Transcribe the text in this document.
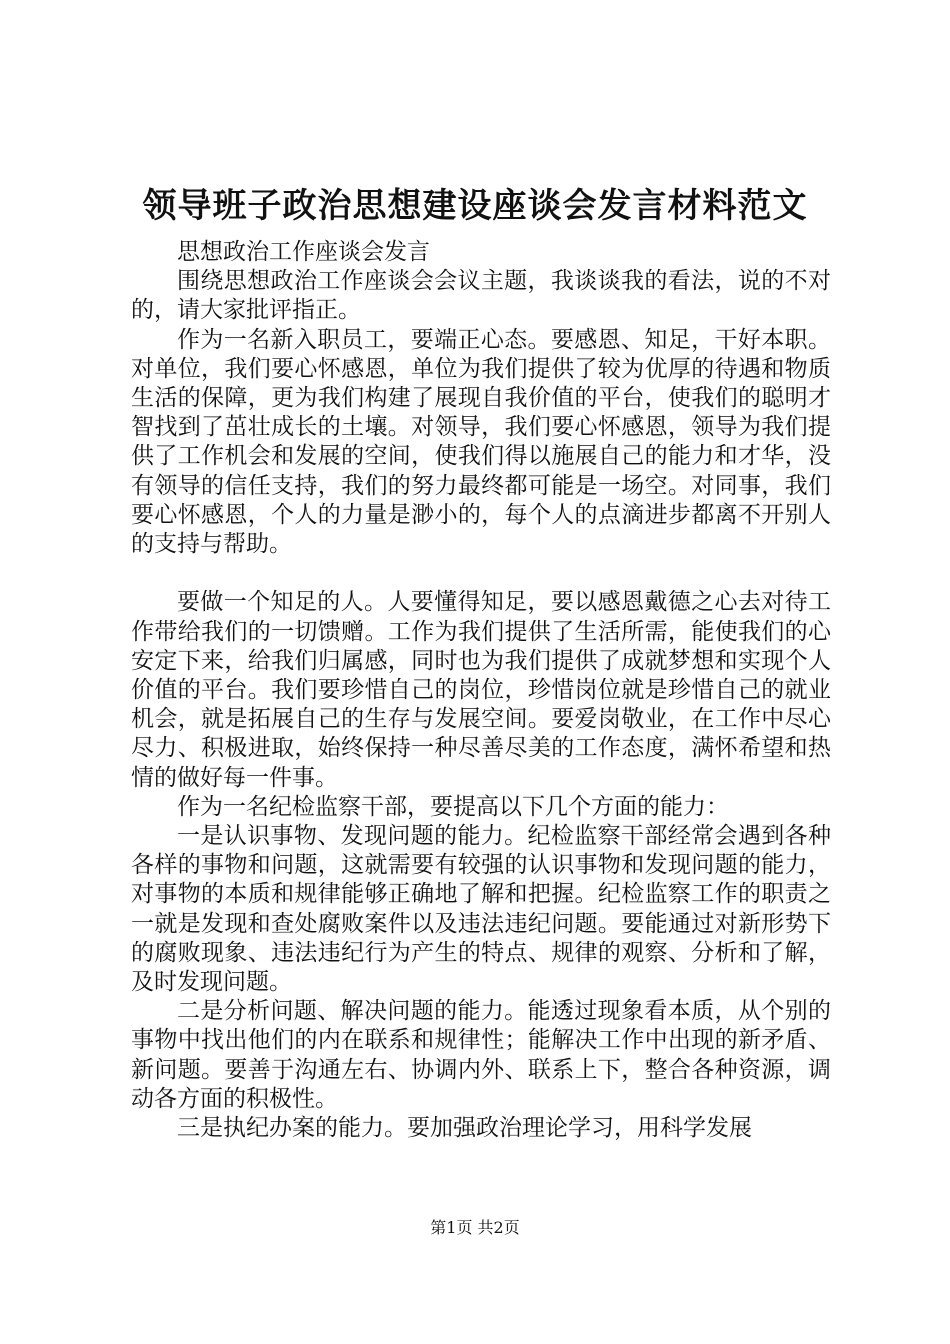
领导班子政治思想建设座谈会发言材料范文

思想政治工作座谈会发言

围绕思想政治工作座谈会会议主题，我谈谈我的看法，说的不对的，请大家批评指正。

作为一名新入职员工，要端正心态。要感恩、知足，干好本职。对单位，我们要心怀感恩，单位为我们提供了较为优厚的待遇和物质生活的保障，更为我们构建了展现自我价值的平台，使我们的聪明才智找到了茁壮成长的土壤。对领导，我们要心怀感恩，领导为我们提供了工作机会和发展的空间，使我们得以施展自己的能力和才华，没有领导的信任支持，我们的努力最终都可能是一场空。对同事，我们要心怀感恩，个人的力量是渺小的，每个人的点滴进步都离不开别人的支持与帮助。

要做一个知足的人。人要懂得知足，要以感恩戴德之心去对待工作带给我们的一切馈赠。工作为我们提供了生活所需，能使我们的心安定下来，给我们归属感，同时也为我们提供了成就梦想和实现个人价值的平台。我们要珍惜自己的岗位，珍惜岗位就是珍惜自己的就业机会，就是拓展自己的生存与发展空间。要爱岗敬业，在工作中尽心尽力、积极进取，始终保持一种尽善尽美的工作态度，满怀希望和热情的做好每一件事。

作为一名纪检监察干部，要提高以下几个方面的能力：

一是认识事物、发现问题的能力。纪检监察干部经常会遇到各种各样的事物和问题，这就需要有较强的认识事物和发现问题的能力，对事物的本质和规律能够正确地了解和把握。纪检监察工作的职责之一就是发现和查处腐败案件以及违法违纪问题。要能通过对新形势下的腐败现象、违法违纪行为产生的特点、规律的观察、分析和了解，及时发现问题。

二是分析问题、解决问题的能力。能透过现象看本质，从个别的事物中找出他们的内在联系和规律性；能解决工作中出现的新矛盾、新问题。要善于沟通左右、协调内外、联系上下，整合各种资源，调动各方面的积极性。

三是执纪办案的能力。要加强政治理论学习，用科学发展

第1页 共2页
